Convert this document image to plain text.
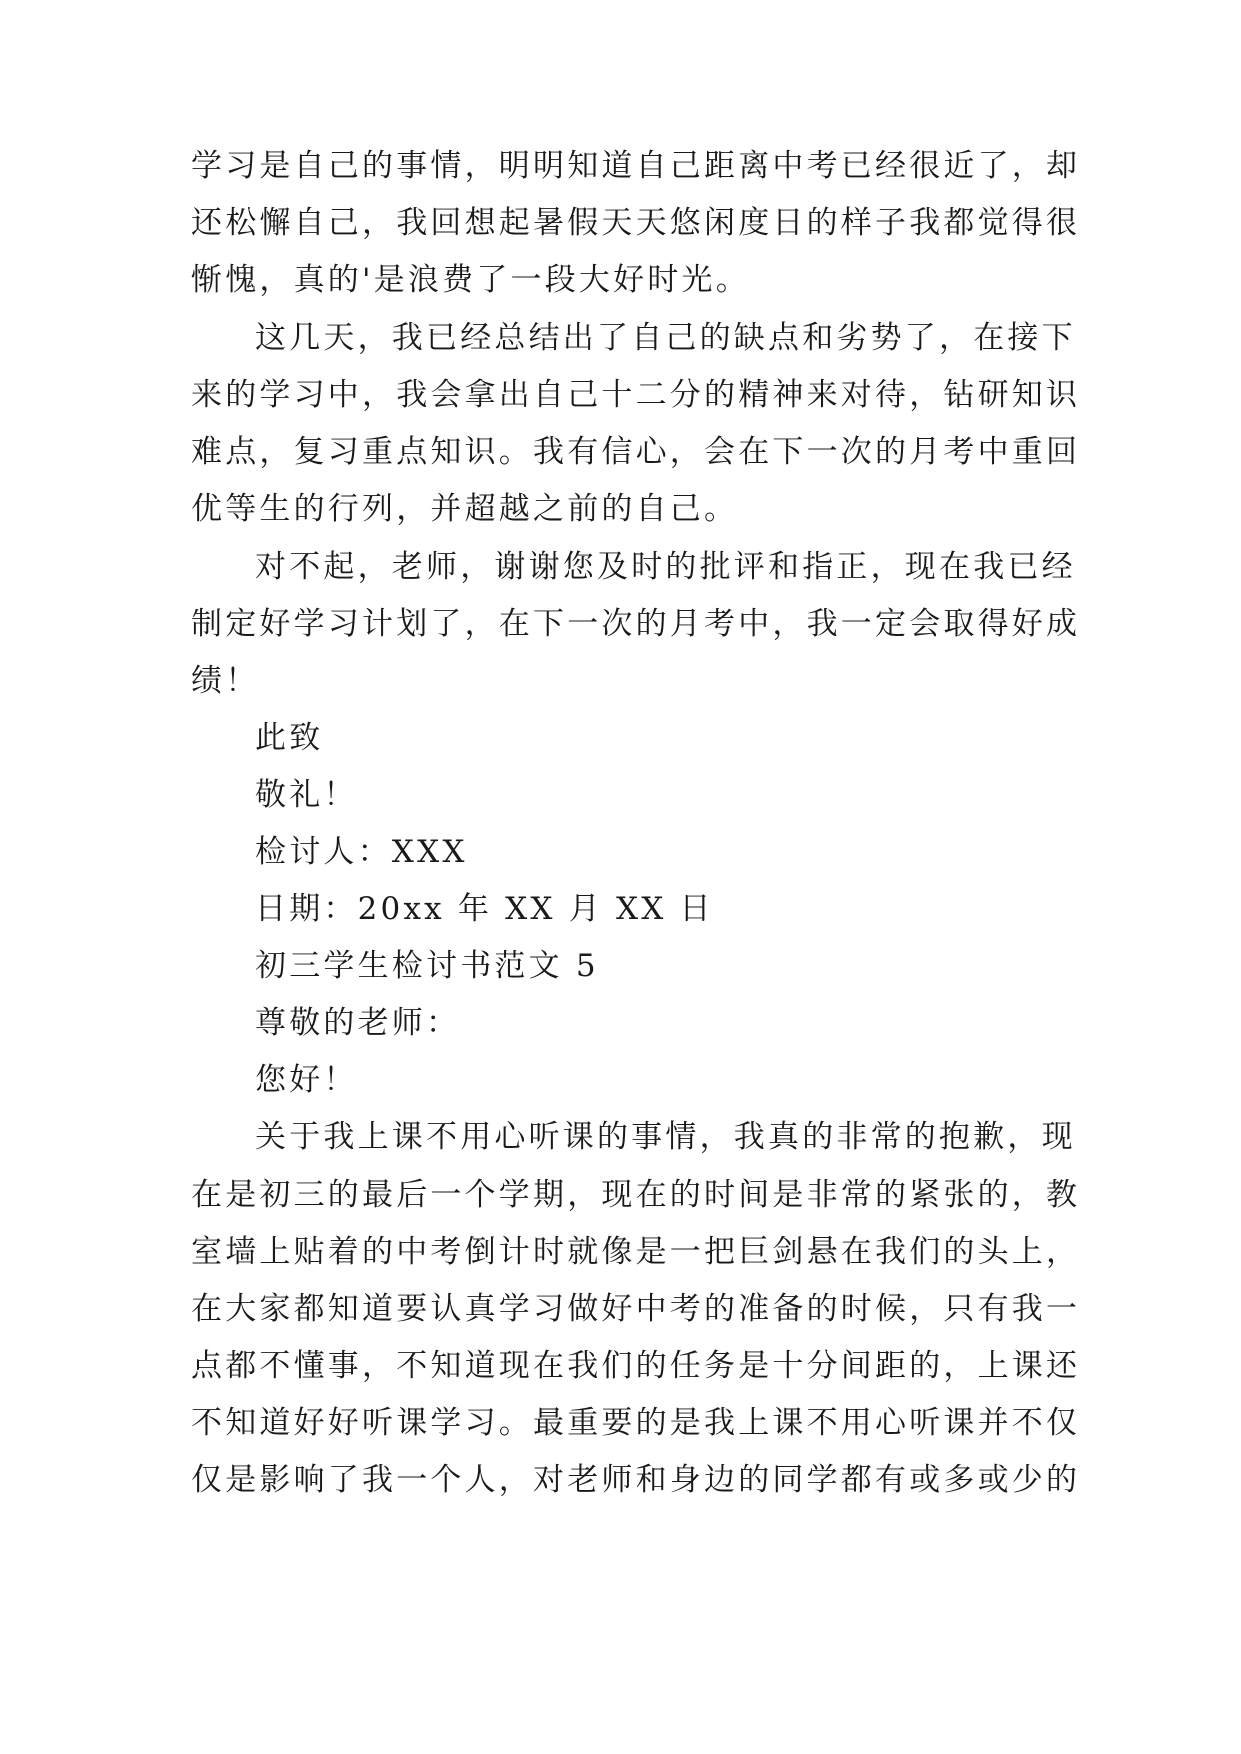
学习是自己的事情，明明知道自己距离中考已经很近了，却
还松懈自己，我回想起暑假天天悠闲度日的样子我都觉得很
惭愧，真的'是浪费了一段大好时光。
这几天，我已经总结出了自己的缺点和劣势了，在接下
来的学习中，我会拿出自己十二分的精神来对待，钻研知识
难点，复习重点知识。我有信心，会在下一次的月考中重回
优等生的行列，并超越之前的自己。
对不起，老师，谢谢您及时的批评和指正，现在我已经
制定好学习计划了，在下一次的月考中，我一定会取得好成
绩！
此致
敬礼！
检讨人：XXX
日期：20xx 年 XX 月 XX 日
初三学生检讨书范文 5
尊敬的老师：
您好！
关于我上课不用心听课的事情，我真的非常的抱歉，现
在是初三的最后一个学期，现在的时间是非常的紧张的，教
室墙上贴着的中考倒计时就像是一把巨剑悬在我们的头上，
在大家都知道要认真学习做好中考的准备的时候，只有我一
点都不懂事，不知道现在我们的任务是十分间距的，上课还
不知道好好听课学习。最重要的是我上课不用心听课并不仅
仅是影响了我一个人，对老师和身边的同学都有或多或少的
